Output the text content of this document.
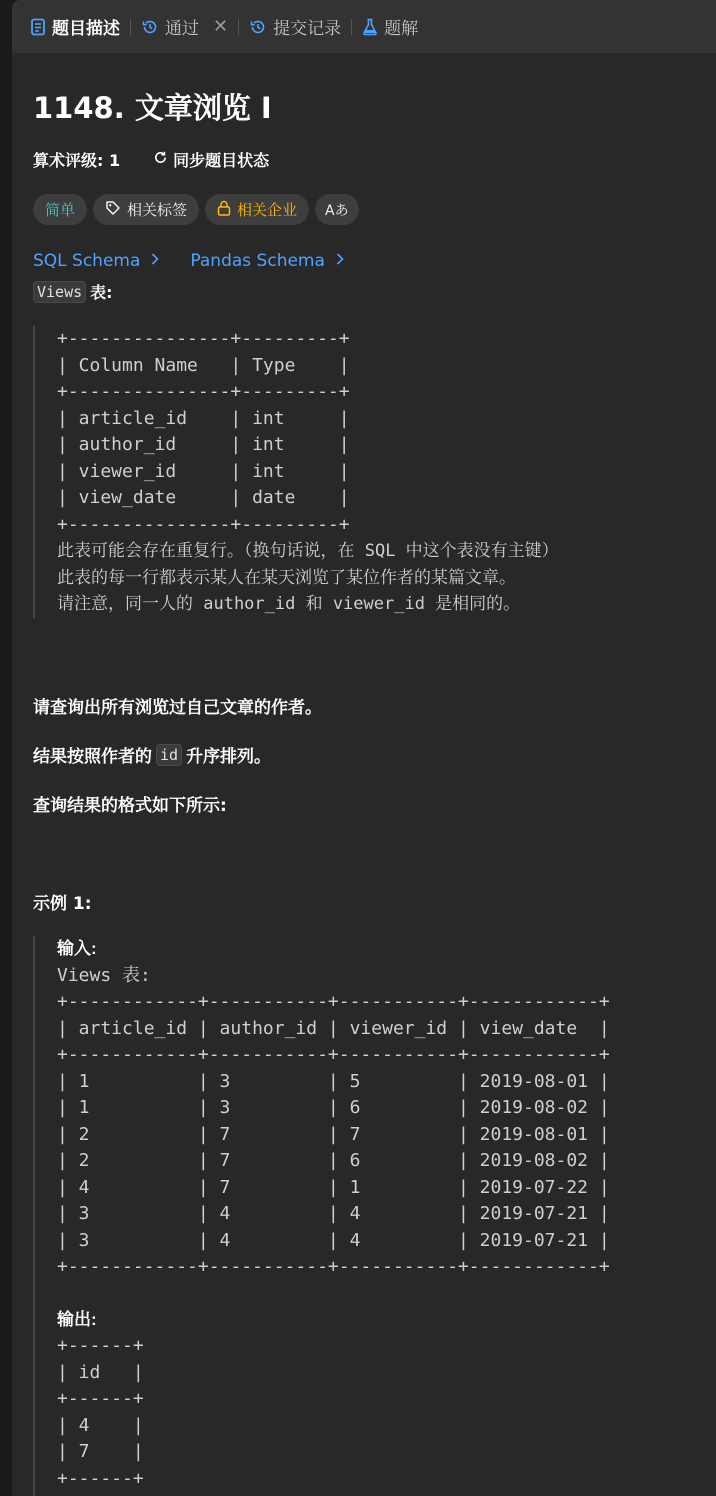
题目描述	通过 ✕	提交记录	题解
1148. 文章浏览 I
算术评级: 1	同步题目状态
简单	相关标签	相关企业 Aあ
SQL Schema	Pandas Schema
Views 表:
+---------------+---------+
| Column Name   | Type    |
+---------------+---------+
| article_id    | int     |
| author_id     | int     |
| viewer_id     | int     |
| view_date     | date    |
+---------------+---------+
此表可能会存在重复行。（换句话说，在 SQL 中这个表没有主键）
此表的每一行都表示某人在某天浏览了某位作者的某篇文章。
请注意，同一人的 author_id 和 viewer_id 是相同的。

请查询出所有浏览过自己文章的作者。

结果按照作者的 id 升序排列。

查询结果的格式如下所示:

示例 1:

输入:
Views 表:
+------------+-----------+-----------+------------+
| article_id | author_id | viewer_id | view_date  |
+------------+-----------+-----------+------------+
| 1          | 3         | 5         | 2019-08-01 |
| 1          | 3         | 6         | 2019-08-02 |
| 2          | 7         | 7         | 2019-08-01 |
| 2          | 7         | 6         | 2019-08-02 |
| 4          | 7         | 1         | 2019-07-22 |
| 3          | 4         | 4         | 2019-07-21 |
| 3          | 4         | 4         | 2019-07-21 |
+------------+-----------+-----------+------------+
输出:
+------+
| id   |
+------+
| 4    |
| 7    |
+------+
